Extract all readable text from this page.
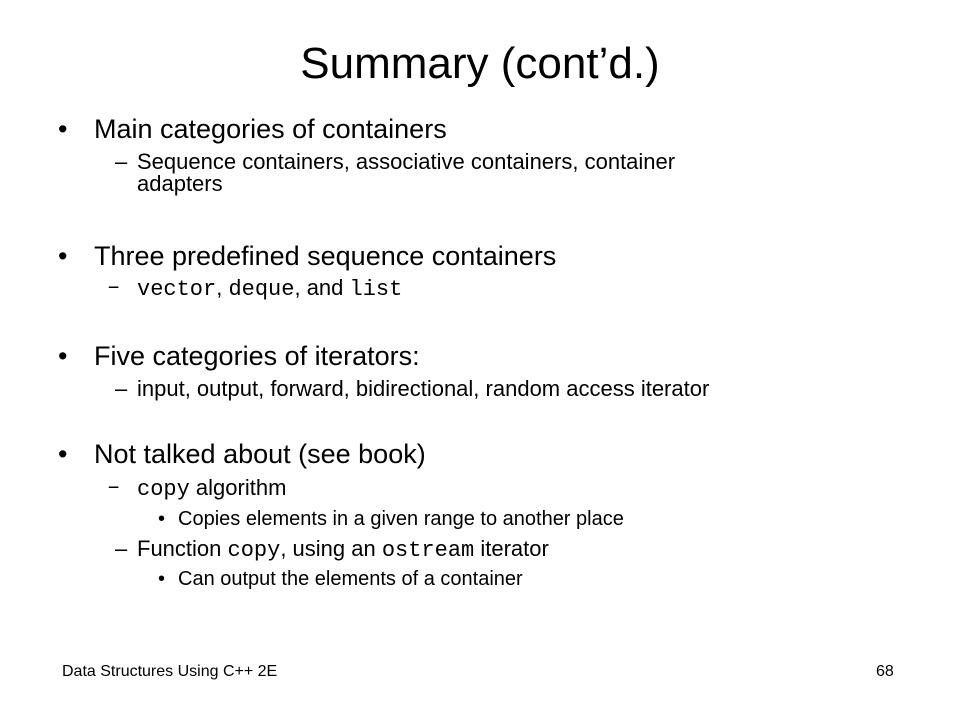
Summary (cont’d.)
• Main categories of containers
– Sequence containers, associative containers, container
adapters
• Three predefined sequence containers
– vector, deque, and list
• Five categories of iterators:
– input, output, forward, bidirectional, random access iterator
• Not talked about (see book)
– copy algorithm
• Copies elements in a given range to another place
– Function copy, using an ostream iterator
• Can output the elements of a container
Data Structures Using C++ 2E	68
